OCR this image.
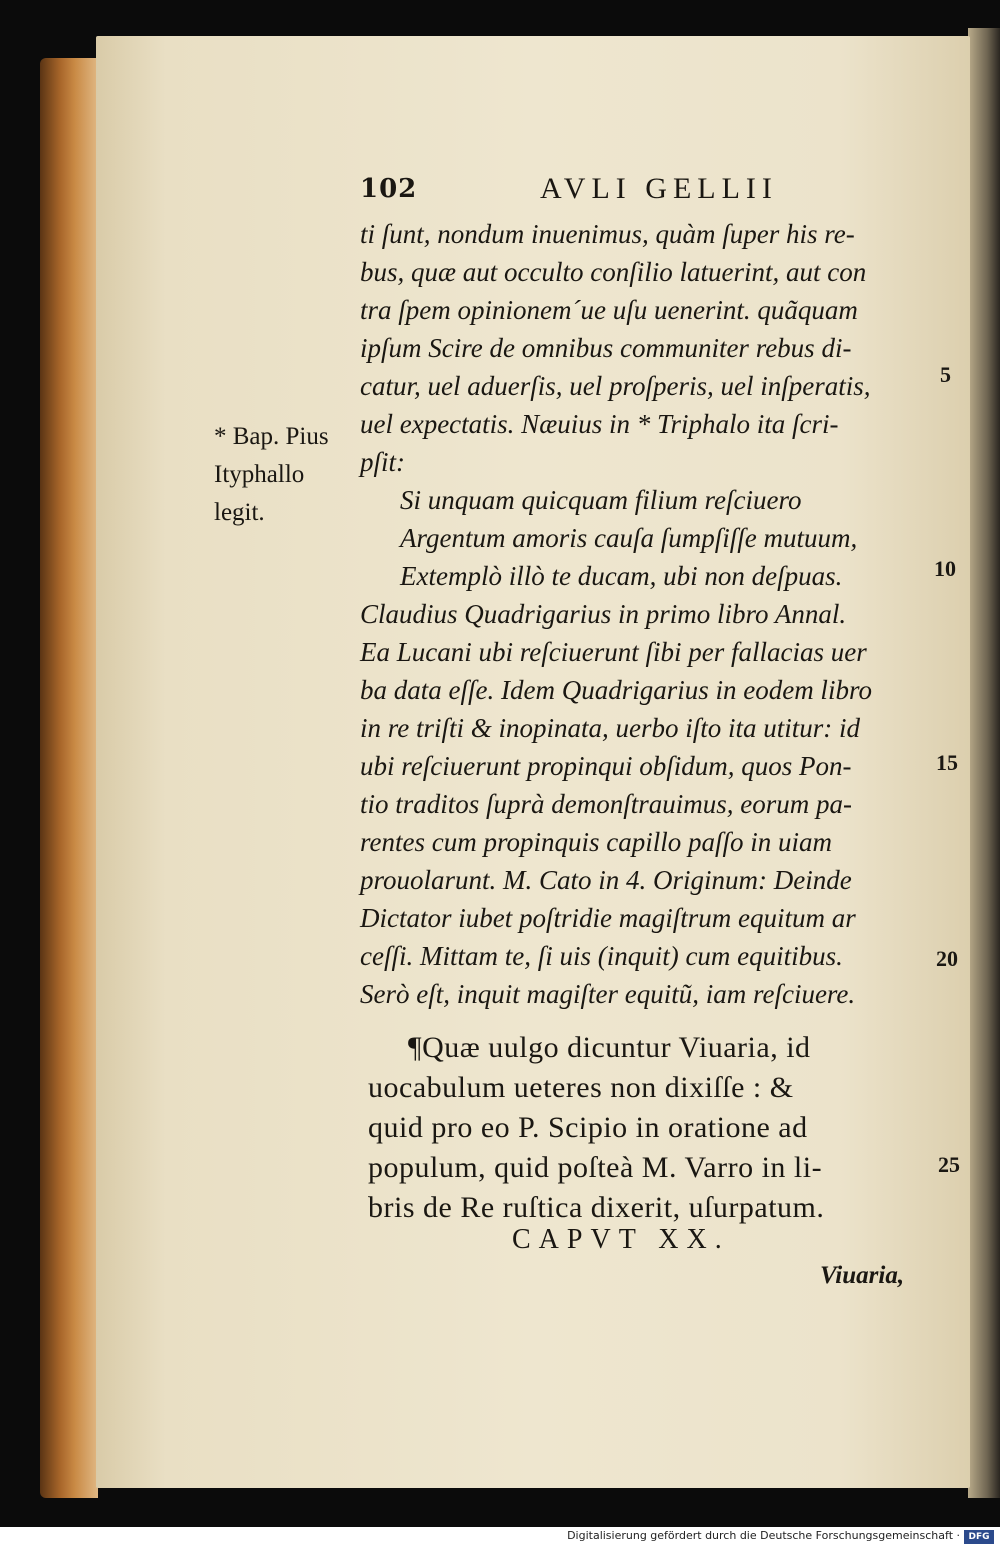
102	AVLI GELLII
* Bap. Pius
Ityphallo
legit.
ti ſunt, nondum inuenimus, quàm ſuper his re-
bus, quæ aut occulto conſilio latuerint, aut con
tra ſpem opinionem´ue uſu uenerint. quãquam
ipſum Scire de omnibus communiter rebus di-
catur, uel aduerſis, uel proſperis, uel inſperatis,
uel expectatis. Næuius in * Triphalo ita ſcri-
pſit:
Si unquam quicquam filium reſciuero
Argentum amoris cauſa ſumpſiſſe mutuum,
Extemplò illò te ducam, ubi non deſpuas.
Claudius Quadrigarius in primo libro Annal.
Ea Lucani ubi reſciuerunt ſibi per fallacias uer
ba data eſſe. Idem Quadrigarius in eodem libro
in re triſti & inopinata, uerbo iſto ita utitur: id
ubi reſciuerunt propinqui obſidum, quos Pon-
tio traditos ſuprà demonſtrauimus, eorum pa-
rentes cum propinquis capillo paſſo in uiam
prouolarunt. M. Cato in 4. Originum: Deinde
Dictator iubet poſtridie magiſtrum equitum ar
ceſſi. Mittam te, ſi uis (inquit) cum equitibus.
Serò eſt, inquit magiſter equitũ, iam reſciuere.
¶Quæ uulgo dicuntur Viuaria, id
uocabulum ueteres non dixiſſe : &
quid pro eo P. Scipio in oratione ad
populum, quid poſteà M. Varro in li-
bris de Re ruſtica dixerit, uſurpatum.
CAPVT XX.
Viuaria,
5
10
15
20
25
Digitalisierung gefördert durch die Deutsche Forschungsgemeinschaft · DFG
